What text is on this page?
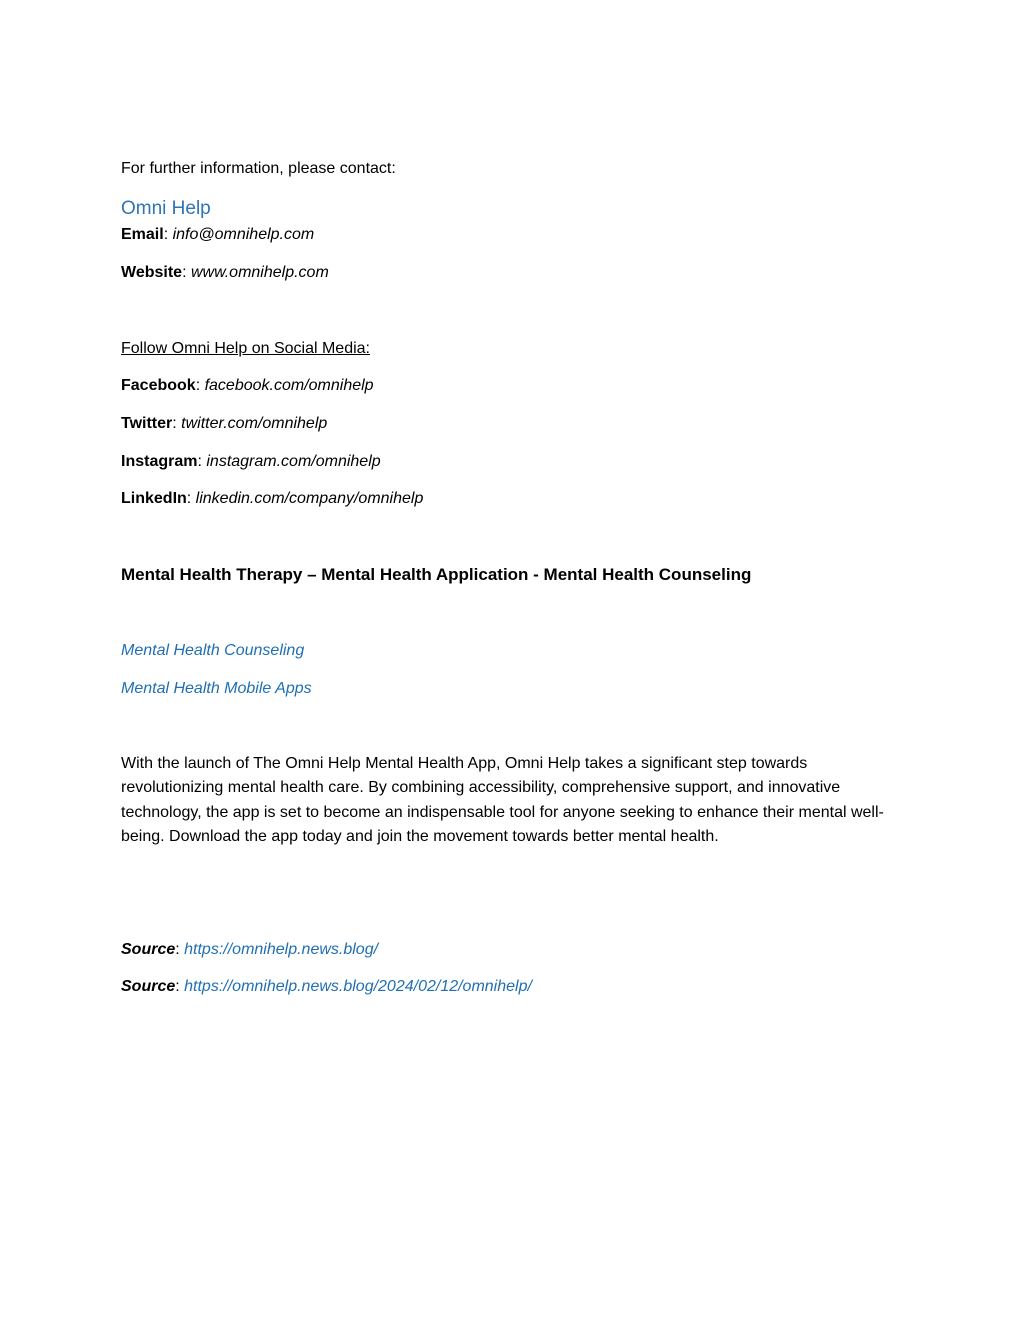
For further information, please contact:
Omni Help
Email: info@omnihelp.com
Website: www.omnihelp.com
Follow Omni Help on Social Media:
Facebook: facebook.com/omnihelp
Twitter: twitter.com/omnihelp
Instagram: instagram.com/omnihelp
LinkedIn: linkedin.com/company/omnihelp
Mental Health Therapy – Mental Health Application - Mental Health Counseling
Mental Health Counseling
Mental Health Mobile Apps
With the launch of The Omni Help Mental Health App, Omni Help takes a significant step towards revolutionizing mental health care. By combining accessibility, comprehensive support, and innovative technology, the app is set to become an indispensable tool for anyone seeking to enhance their mental well-being. Download the app today and join the movement towards better mental health.
Source: https://omnihelp.news.blog/
Source: https://omnihelp.news.blog/2024/02/12/omnihelp/
